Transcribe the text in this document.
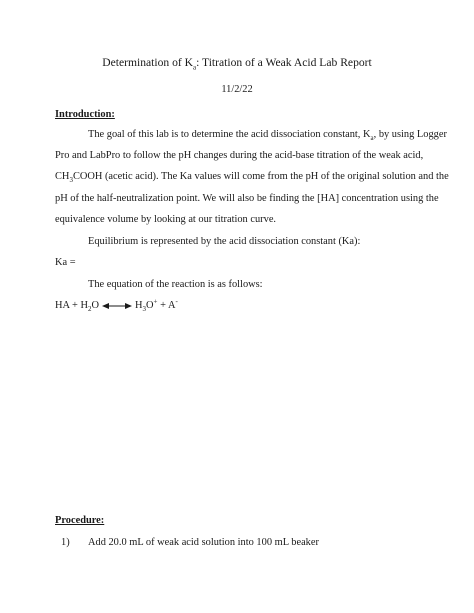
Determination of $K_a$: Titration of a Weak Acid Lab Report
11/2/22
Introduction:
The goal of this lab is to determine the acid dissociation constant, $K_a$, by using Logger
Pro and LabPro to follow the pH changes during the acid-base titration of the weak acid,
$CH_3COOH$ (acetic acid). The Ka values will come from the pH of the original solution and the
pH of the half-neutralization point. We will also be finding the [HA] concentration using the
equivalence volume by looking at our titration curve.
Equilibrium is represented by the acid dissociation constant (Ka):
Ka =
The equation of the reaction is as follows:
HA + $H_2O$	$H_3O^+ + A^-$
Procedure:
1) Add 20.0 mL of weak acid solution into 100 mL beaker
